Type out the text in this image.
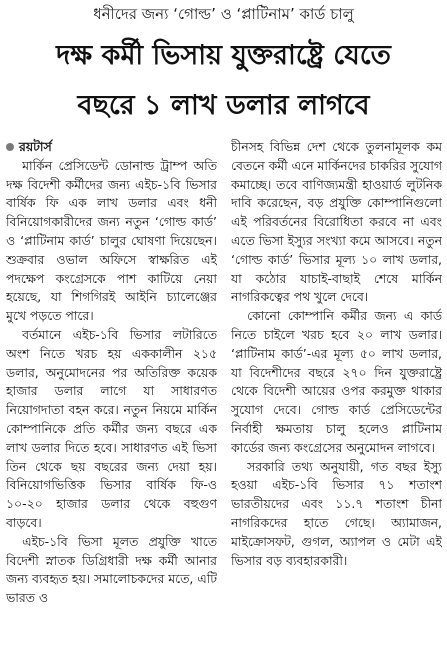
ধনীদের জন্য ‘গোল্ড’ ও ‘প্লাটিনাম’ কার্ড চালু
দক্ষ কর্মী ভিসায় যুক্তরাষ্ট্রে যেতে
বছরে ১ লাখ ডলার লাগবে
রয়টার্স

মার্কিন প্রেসিডেন্ট ডোনাল্ড ট্রাম্প অতি দক্ষ বিদেশী কর্মীদের জন্য এইচ-১বি ভিসার বার্ষিক ফি এক লাখ ডলার এবং ধনী বিনিয়োগকারীদের জন্য নতুন ‘গোল্ড কার্ড’ ও ‘প্লাটিনাম কার্ড’ চালুর ঘোষণা দিয়েছেন। শুক্রবার ওভাল অফিসে স্বাক্ষরিত এই পদক্ষেপ কংগ্রেসকে পাশ কাটিয়ে নেয়া হয়েছে, যা শিগগিরই আইনি চ্যালেঞ্জের মুখে পড়তে পারে।

বর্তমানে এইচ-১বি ভিসার লটারিতে অংশ নিতে খরচ হয় এককালীন ২১৫ ডলার, অনুমোদনের পর অতিরিক্ত কয়েক হাজার ডলার লাগে যা সাধারণত নিয়োগদাতা বহন করে। নতুন নিয়মে মার্কিন কোম্পানিকে প্রতি কর্মীর জন্য বছরে এক লাখ ডলার দিতে হবে। সাধারণত এই ভিসা তিন থেকে ছয় বছরের জন্য দেয়া হয়। বিনিয়োগভিত্তিক ভিসার বার্ষিক ফি-ও ১০-২০ হাজার ডলার থেকে বহুগুণ বাড়বে।

এইচ-১বি ভিসা মূলত প্রযুক্তি খাতে বিদেশী স্নাতক ডিগ্রিধারী দক্ষ কর্মী আনার জন্য ব্যবহৃত হয়। সমালোচকদের মতে, এটি ভারত ও

চীনসহ বিভিন্ন দেশ থেকে তুলনামূলক কম বেতনে কর্মী এনে মার্কিনদের চাকরির সুযোগ কমাচ্ছে। তবে বাণিজ্যমন্ত্রী হাওয়ার্ড লুটনিক দাবি করেছেন, বড় প্রযুক্তি কোম্পানিগুলো এই পরিবর্তনের বিরোধিতা করবে না এবং এতে ভিসা ইস্যুর সংখ্যা কমে আসবে। নতুন ‘গোল্ড কার্ড’ ভিসার মূল্য ১০ লাখ ডলার, যা কঠোর যাচাই-বাছাই শেষে মার্কিন নাগরিকত্বের পথ খুলে দেবে।

কোনো কোম্পানি কর্মীর জন্য এ কার্ড নিতে চাইলে খরচ হবে ২০ লাখ ডলার। ‘প্লাটিনাম কার্ড’-এর মূল্য ৫০ লাখ ডলার, যা বিদেশীদের বছরে ২৭০ দিন যুক্তরাষ্ট্রে থেকে বিদেশী আয়ের ওপর করমুক্ত থাকার সুযোগ দেবে। গোল্ড কার্ড প্রেসিডেন্টের নির্বাহী ক্ষমতায় চালু হলেও প্লাটিনাম কার্ডের জন্য কংগ্রেসের অনুমোদন লাগবে।

সরকারি তথ্য অনুযায়ী, গত বছর ইস্যু হওয়া এইচ-১বি ভিসার ৭১ শতাংশ ভারতীয়দের এবং ১১.৭ শতাংশ চীনা নাগরিকদের হাতে গেছে। অ্যামাজন, মাইক্রোসফট, গুগল, অ্যাপল ও মেটা এই ভিসার বড় ব্যবহারকারী।
